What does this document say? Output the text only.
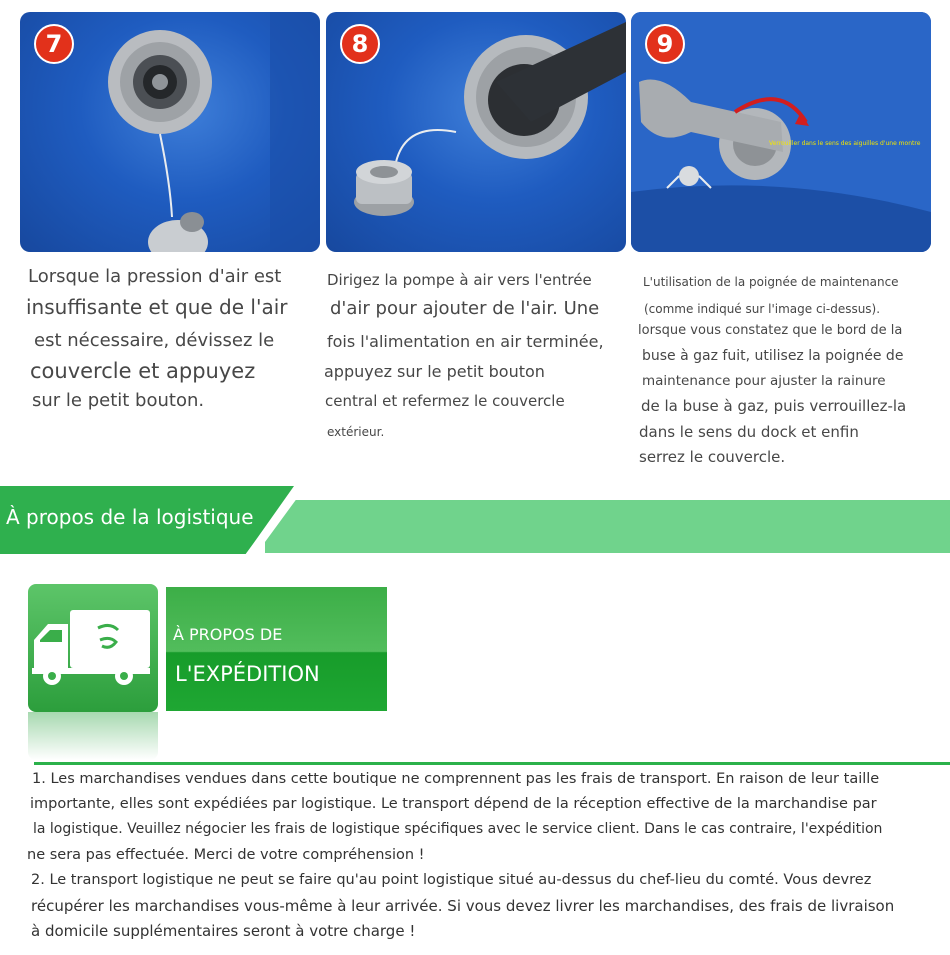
7	8	9
Verrouiller dans le sens des aiguilles d'une montre
Lorsque la pression d'air est
insuffisante et que de l'air
est nécessaire, dévissez le
couvercle et appuyez
sur le petit bouton.
Dirigez la pompe à air vers l'entrée
d'air pour ajouter de l'air. Une
fois l'alimentation en air terminée,
appuyez sur le petit bouton
central et refermez le couvercle
extérieur.
L'utilisation de la poignée de maintenance
(comme indiqué sur l'image ci-dessus).
lorsque vous constatez que le bord de la
buse à gaz fuit, utilisez la poignée de
maintenance pour ajuster la rainure
de la buse à gaz, puis verrouillez-la
dans le sens du dock et enfin
serrez le couvercle.
À propos de la logistique
À PROPOS DE
L'EXPÉDITION
1. Les marchandises vendues dans cette boutique ne comprennent pas les frais de transport. En raison de leur taille
importante, elles sont expédiées par logistique. Le transport dépend de la réception effective de la marchandise par
la logistique. Veuillez négocier les frais de logistique spécifiques avec le service client. Dans le cas contraire, l'expédition
ne sera pas effectuée. Merci de votre compréhension !
2. Le transport logistique ne peut se faire qu'au point logistique situé au-dessus du chef-lieu du comté. Vous devrez
récupérer les marchandises vous-même à leur arrivée. Si vous devez livrer les marchandises, des frais de livraison
à domicile supplémentaires seront à votre charge !
